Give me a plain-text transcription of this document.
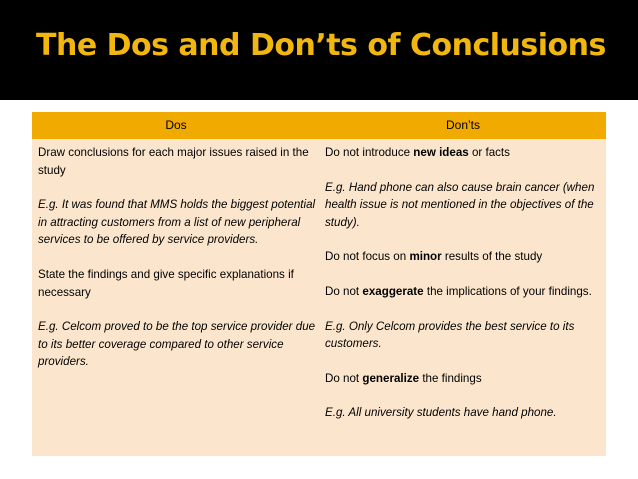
The Dos and Don’ts of Conclusions
Dos	Don’ts

Draw conclusions for each major issues raised in the study

E.g. It was found that MMS holds the biggest potential in attracting customers from a list of new peripheral services to be offered by service providers.

State the findings and give specific explanations if necessary

E.g. Celcom proved to be the top service provider due to its better coverage compared to other service providers.

Do not introduce new ideas or facts

E.g. Hand phone can also cause brain cancer (when health issue is not mentioned in the objectives of the study).

Do not focus on minor results of the study

Do not exaggerate the implications of your findings.

E.g. Only Celcom provides the best service to its customers.

Do not generalize the findings

E.g. All university students have hand phone.
